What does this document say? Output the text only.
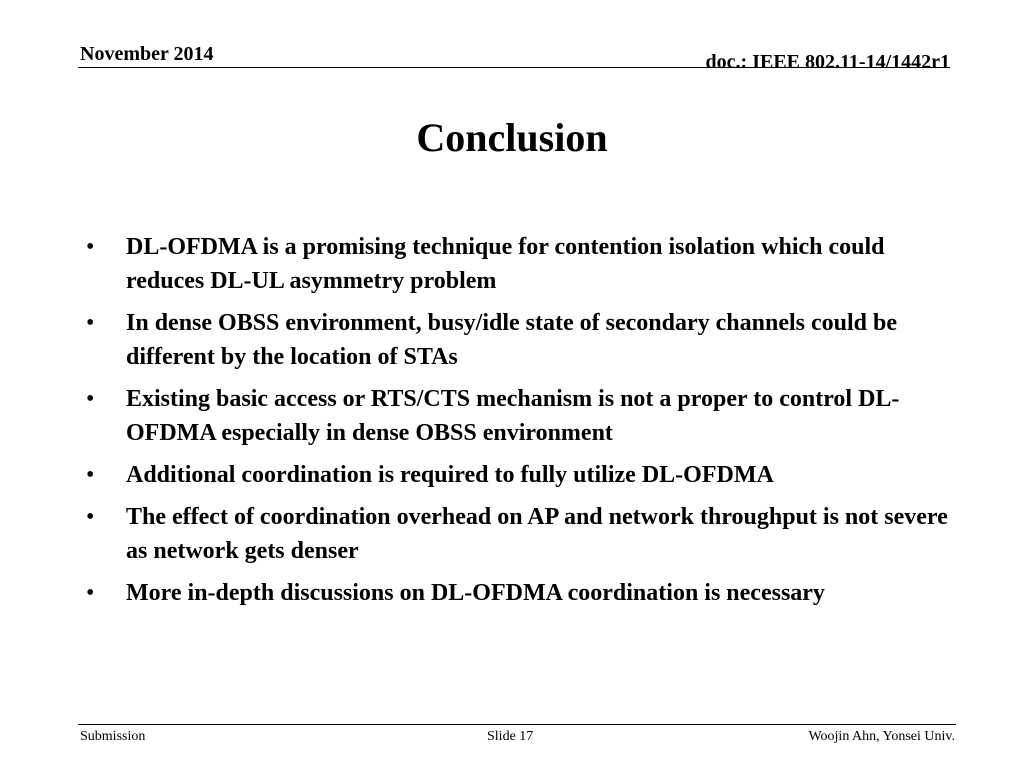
November 2014	doc.: IEEE 802.11-14/1442r1
Conclusion
• DL-OFDMA is a promising technique for contention isolation which could reduces DL-UL asymmetry problem
• In dense OBSS environment, busy/idle state of secondary channels could be different by the location of STAs
• Existing basic access or RTS/CTS mechanism is not a proper to control DL-OFDMA especially in dense OBSS environment
• Additional coordination is required to fully utilize DL-OFDMA
• The effect of coordination overhead on AP and network throughput is not severe as network gets denser
• More in-depth discussions on DL-OFDMA coordination is necessary
Submission	Slide 17	Woojin Ahn, Yonsei Univ.
